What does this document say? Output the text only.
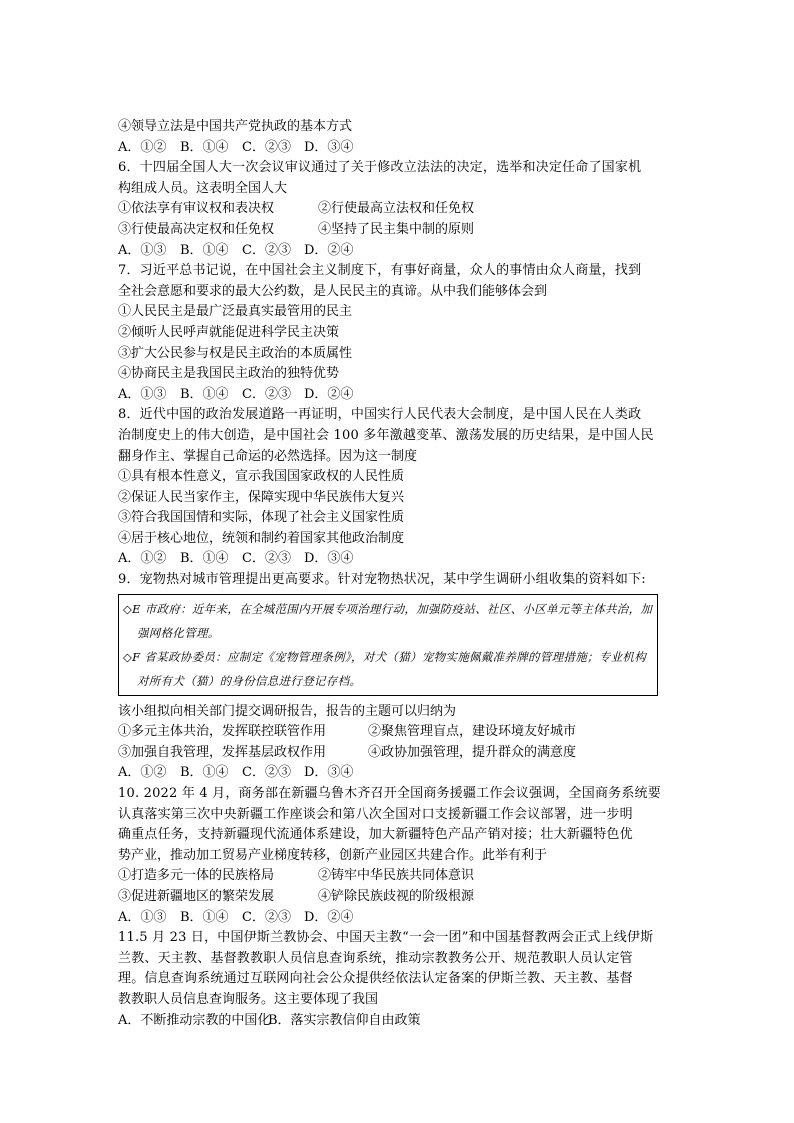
④领导立法是中国共产党执政的基本方式
A．①②	B．①④	C．②③	D．③④
6．十四届全国人大一次会议审议通过了关于修改立法法的决定，选举和决定任命了国家机
构组成人员。这表明全国人大
①依法享有审议权和表决权	②行使最高立法权和任免权
③行使最高决定权和任免权	④坚持了民主集中制的原则
A．①③	B．①④	C．②③	D．②④
7．习近平总书记说，在中国社会主义制度下，有事好商量，众人的事情由众人商量，找到
全社会意愿和要求的最大公约数，是人民民主的真谛。从中我们能够体会到
①人民民主是最广泛最真实最管用的民主
②倾听人民呼声就能促进科学民主决策
③扩大公民参与权是民主政治的本质属性
④协商民主是我国民主政治的独特优势
A．①③	B．①④	C．②③	D．②④
8．近代中国的政治发展道路一再证明，中国实行人民代表大会制度，是中国人民在人类政
治制度史上的伟大创造，是中国社会 100 多年激越变革、激荡发展的历史结果，是中国人民
翻身作主、掌握自己命运的必然选择。因为这一制度
①具有根本性意义，宣示我国国家政权的人民性质
②保证人民当家作主，保障实现中华民族伟大复兴
③符合我国国情和实际，体现了社会主义国家性质
④居于核心地位，统领和制约着国家其他政治制度
A．①②	B．①④	C．②③	D．③④
9．宠物热对城市管理提出更高要求。针对宠物热状况，某中学生调研小组收集的资料如下:
◇E 市政府：近年来，在全城范围内开展专项治理行动，加强防疫站、社区、小区单元等主体共治，加
强网格化管理。
◇F 省某政协委员：应制定《宠物管理条例》，对犬（猫）宠物实施佩戴准养牌的管理措施；专业机构
对所有犬（猫）的身份信息进行登记存档。
该小组拟向相关部门提交调研报告，报告的主题可以归纳为
①多元主体共治，发挥联控联管作用	②聚焦管理盲点，建设环境友好城市
③加强自我管理，发挥基层政权作用	④政协加强管理，提升群众的满意度
A．①②	B．①④	C．②③	D．③④
10. 2022 年 4 月，商务部在新疆乌鲁木齐召开全国商务援疆工作会议强调，全国商务系统要
认真落实第三次中央新疆工作座谈会和第八次全国对口支援新疆工作会议部署，进一步明
确重点任务，支持新疆现代流通体系建设，加大新疆特色产品产销对接；壮大新疆特色优
势产业，推动加工贸易产业梯度转移，创新产业园区共建合作。此举有利于
①打造多元一体的民族格局	②铸牢中华民族共同体意识
③促进新疆地区的繁荣发展	④铲除民族歧视的阶级根源
A．①③	B．①④	C．②③	D．②④
11.5 月 23 日，中国伊斯兰教协会、中国天主教“一会一团”和中国基督教两会正式上线伊斯
兰教、天主教、基督教教职人员信息查询系统，推动宗教教务公开、规范教职人员认定管
理。信息查询系统通过互联网向社会公众提供经依法认定备案的伊斯兰教、天主教、基督
教教职人员信息查询服务。这主要体现了我国
A．不断推动宗教的中国化
B．落实宗教信仰自由政策
